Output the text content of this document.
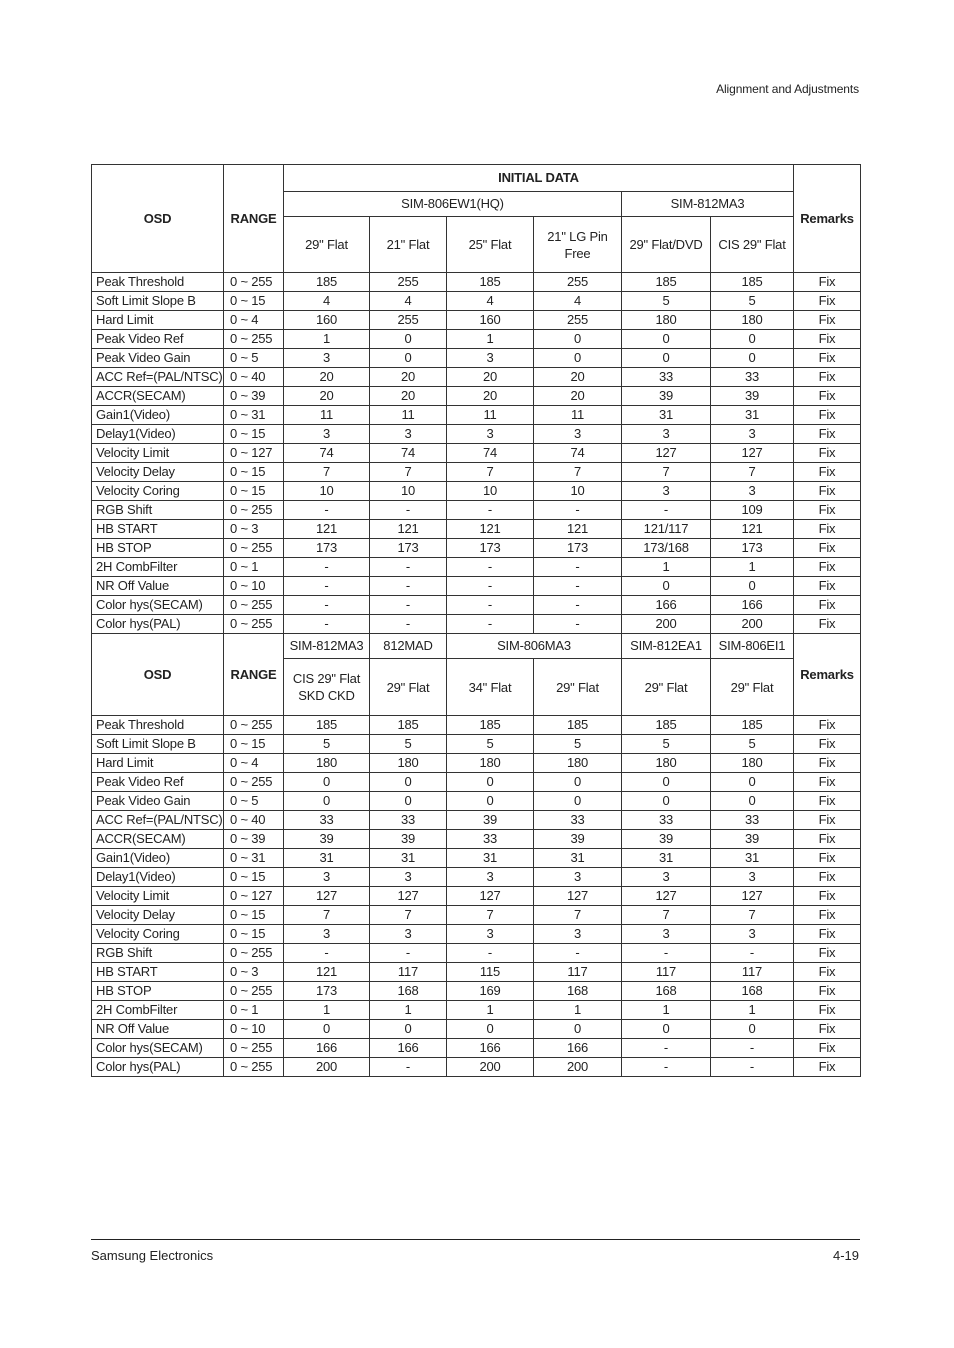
Alignment and Adjustments
OSD	RANGE	INITIAL DATA						Remarks
		SIM-806EW1(HQ)				SIM-812MA3		
		29" Flat	21" Flat	25" Flat	21" LG Pin Free	29" Flat/DVD	CIS 29" Flat	
Peak Threshold	0 ~ 255	185	255	185	255	185	185	Fix
Soft Limit Slope B	0 ~ 15	4	4	4	4	5	5	Fix
Hard Limit	0 ~ 4	160	255	160	255	180	180	Fix
Peak Video Ref	0 ~ 255	1	0	1	0	0	0	Fix
Peak Video Gain	0 ~ 5	3	0	3	0	0	0	Fix
ACC Ref=(PAL/NTSC)	0 ~ 40	20	20	20	20	33	33	Fix
ACCR(SECAM)	0 ~ 39	20	20	20	20	39	39	Fix
Gain1(Video)	0 ~ 31	11	11	11	11	31	31	Fix
Delay1(Video)	0 ~ 15	3	3	3	3	3	3	Fix
Velocity Limit	0 ~ 127	74	74	74	74	127	127	Fix
Velocity Delay	0 ~ 15	7	7	7	7	7	7	Fix
Velocity Coring	0 ~ 15	10	10	10	10	3	3	Fix
RGB Shift	0 ~ 255	-	-	-	-	-	109	Fix
HB START	0 ~ 3	121	121	121	121	121/117	121	Fix
HB STOP	0 ~ 255	173	173	173	173	173/168	173	Fix
2H CombFilter	0 ~ 1	-	-	-	-	1	1	Fix
NR Off Value	0 ~ 10	-	-	-	-	0	0	Fix
Color hys(SECAM)	0 ~ 255	-	-	-	-	166	166	Fix
Color hys(PAL)	0 ~ 255	-	-	-	-	200	200	Fix
OSD	RANGE	SIM-812MA3	812MAD	SIM-806MA3		SIM-812EA1	SIM-806EI1	Remarks
		CIS 29" Flat SKD CKD	29" Flat	34" Flat	29" Flat	29" Flat	29" Flat	
Peak Threshold	0 ~ 255	185	185	185	185	185	185	Fix
Soft Limit Slope B	0 ~ 15	5	5	5	5	5	5	Fix
Hard Limit	0 ~ 4	180	180	180	180	180	180	Fix
Peak Video Ref	0 ~ 255	0	0	0	0	0	0	Fix
Peak Video Gain	0 ~ 5	0	0	0	0	0	0	Fix
ACC Ref=(PAL/NTSC)	0 ~ 40	33	33	39	33	33	33	Fix
ACCR(SECAM)	0 ~ 39	39	39	33	39	39	39	Fix
Gain1(Video)	0 ~ 31	31	31	31	31	31	31	Fix
Delay1(Video)	0 ~ 15	3	3	3	3	3	3	Fix
Velocity Limit	0 ~ 127	127	127	127	127	127	127	Fix
Velocity Delay	0 ~ 15	7	7	7	7	7	7	Fix
Velocity Coring	0 ~ 15	3	3	3	3	3	3	Fix
RGB Shift	0 ~ 255	-	-	-	-	-	-	Fix
HB START	0 ~ 3	121	117	115	117	117	117	Fix
HB STOP	0 ~ 255	173	168	169	168	168	168	Fix
2H CombFilter	0 ~ 1	1	1	1	1	1	1	Fix
NR Off Value	0 ~ 10	0	0	0	0	0	0	Fix
Color hys(SECAM)	0 ~ 255	166	166	166	166	-	-	Fix
Color hys(PAL)	0 ~ 255	200	-	200	200	-	-	Fix
Samsung Electronics	4-19
